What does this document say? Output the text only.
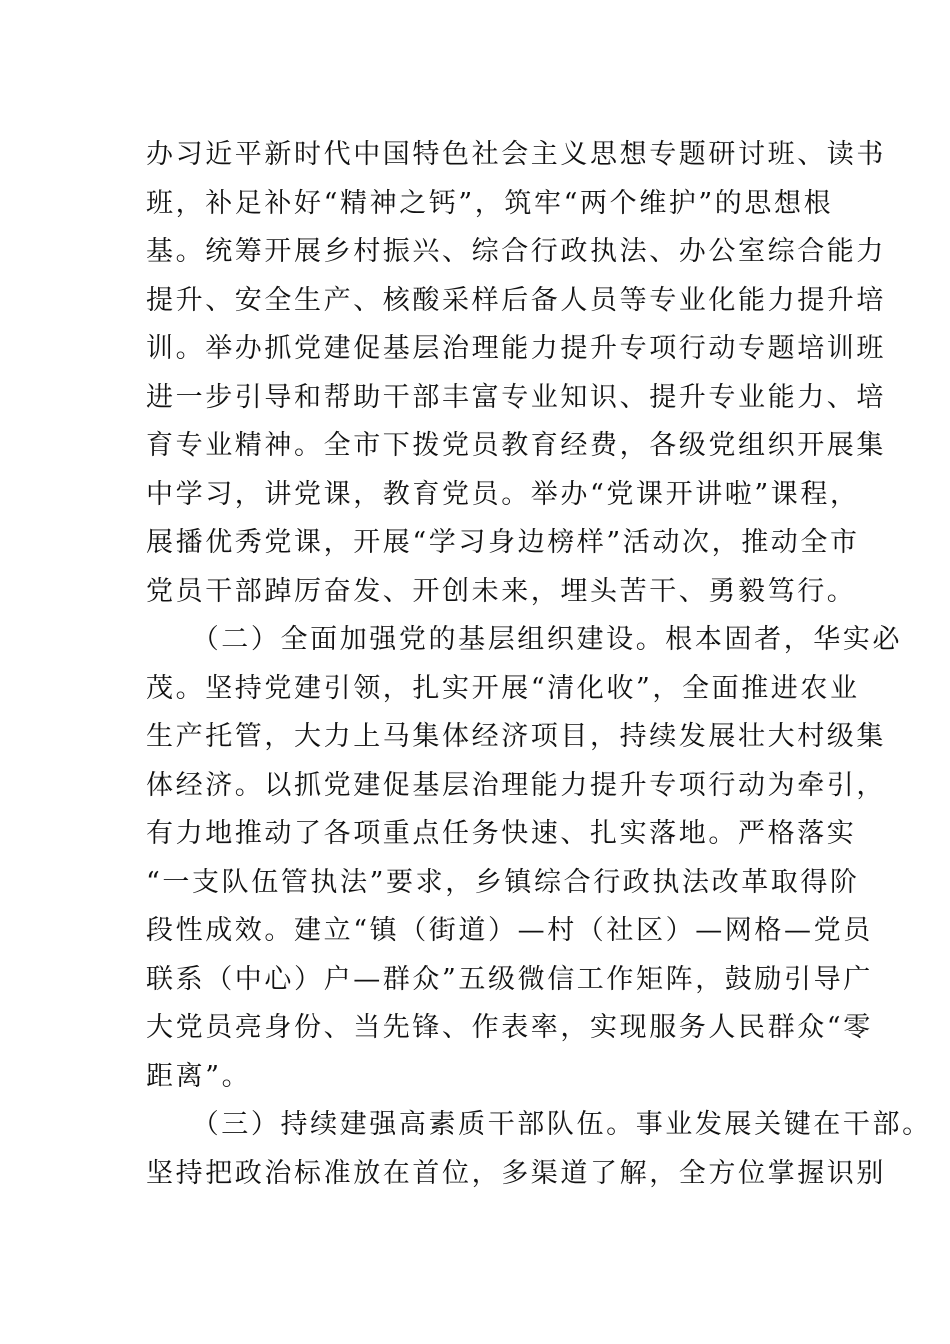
办习近平新时代中国特色社会主义思想专题研讨班、读书
班，补足补好“精神之钙”，筑牢“两个维护”的思想根
基。统筹开展乡村振兴、综合行政执法、办公室综合能力
提升、安全生产、核酸采样后备人员等专业化能力提升培
训。举办抓党建促基层治理能力提升专项行动专题培训班
进一步引导和帮助干部丰富专业知识、提升专业能力、培
育专业精神。全市下拨党员教育经费，各级党组织开展集
中学习，讲党课，教育党员。举办“党课开讲啦”课程，
展播优秀党课，开展“学习身边榜样”活动次，推动全市
党员干部踔厉奋发、开创未来，埋头苦干、勇毅笃行。
　　（二）全面加强党的基层组织建设。根本固者，华实必
茂。坚持党建引领，扎实开展“清化收”，全面推进农业
生产托管，大力上马集体经济项目，持续发展壮大村级集
体经济。以抓党建促基层治理能力提升专项行动为牵引，
有力地推动了各项重点任务快速、扎实落地。严格落实
“一支队伍管执法”要求，乡镇综合行政执法改革取得阶
段性成效。建立“镇（街道）—村（社区）—网格—党员
联系（中心）户—群众”五级微信工作矩阵，鼓励引导广
大党员亮身份、当先锋、作表率，实现服务人民群众“零
距离”。
　　（三）持续建强高素质干部队伍。事业发展关键在干部。
坚持把政治标准放在首位，多渠道了解，全方位掌握识别
